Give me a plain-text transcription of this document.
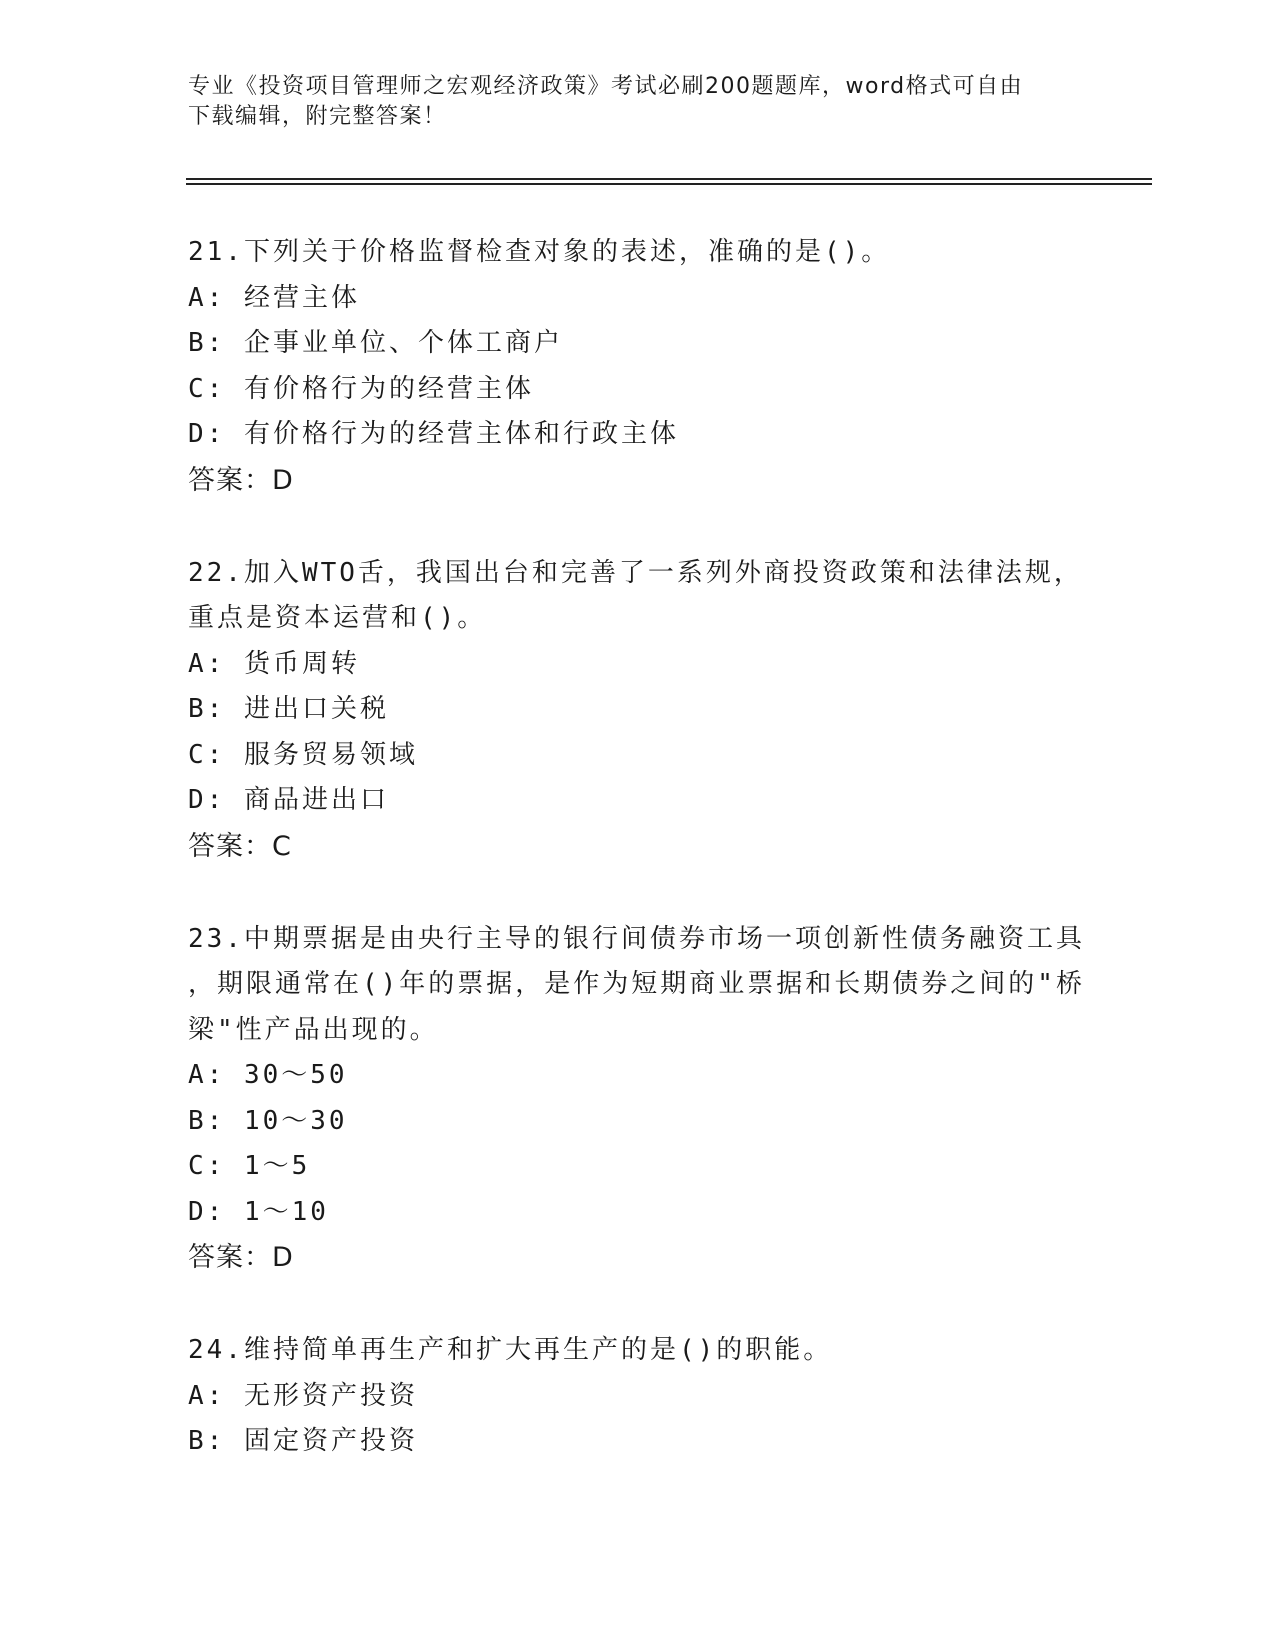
专业《投资项目管理师之宏观经济政策》考试必刷200题题库，word格式可自由
下载编辑，附完整答案！
21.下列关于价格监督检查对象的表述，准确的是()。
A: 经营主体
B: 企事业单位、个体工商户
C: 有价格行为的经营主体
D: 有价格行为的经营主体和行政主体
答案：D
22.加入WTO舌，我国出台和完善了一系列外商投资政策和法律法规，
重点是资本运营和()。
A: 货币周转
B: 进出口关税
C: 服务贸易领域
D: 商品进出口
答案：C
23.中期票据是由央行主导的银行间债券市场一项创新性债务融资工具
，期限通常在()年的票据，是作为短期商业票据和长期债券之间的"桥
梁"性产品出现的。
A: 30～50
B: 10～30
C: 1～5
D: 1～10
答案：D
24.维持简单再生产和扩大再生产的是()的职能。
A: 无形资产投资
B: 固定资产投资
